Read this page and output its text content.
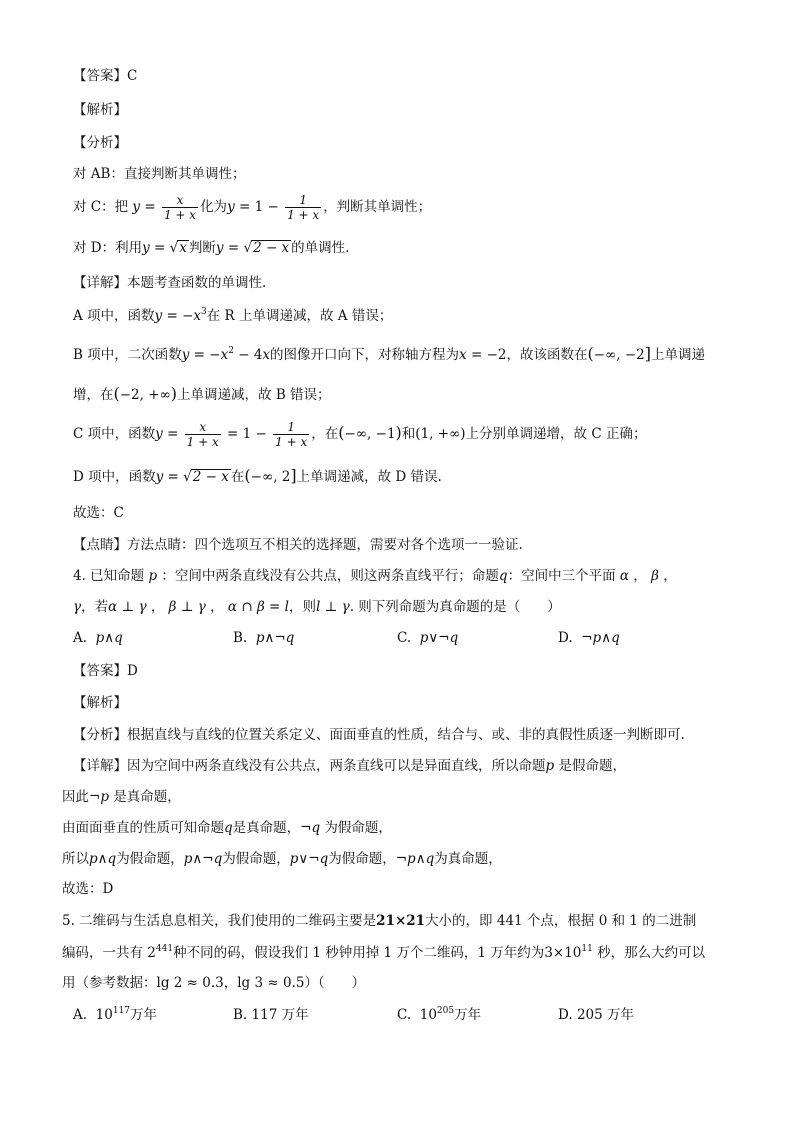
【答案】C
【解析】
【分析】
对 AB：直接判断其单调性；
对 C：把 $y = \frac{x}{1 + x}$ 化为$y = 1 - \frac{1}{1 + x}$ ，判断其单调性；
对 D：利用y = √x 判断y = √2 − x 的单调性.
【详解】本题考查函数的单调性.
A 项中，函数$y = -x^3$在 R 上单调递减，故 A 错误；
B 项中，二次函数$y = -x^2 - 4x$的图像开口向下，对称轴方程为x = −2，故该函数在(−∞, −2]上单调递
增，在(−2, +∞)上单调递减，故 B 错误；
C 项中，函数$y = \frac{x}{1 + x} = 1 - \frac{1}{1 + x}$ ，在(−∞, −1)和(1, +∞)上分别单调递增，故 C 正确；
D 项中，函数y = √2 − x 在(−∞, 2]上单调递减，故 D 错误.
故选：C
【点睛】方法点睛：四个选项互不相关的选择题，需要对各个选项一一验证.
4. 已知命题 p ：空间中两条直线没有公共点，则这两条直线平行；命题q：空间中三个平面 α ， β ，
γ，若α ⊥ γ ， β ⊥ γ ， α ∩ β = l，则l ⊥ γ. 则下列命题为真命题的是（　　）
A. p∧q	B. p∧¬q	C. p∨¬q	D. ¬p∧q
【答案】D
【解析】
【分析】根据直线与直线的位置关系定义、面面垂直的性质，结合与、或、非的真假性质逐一判断即可.
【详解】因为空间中两条直线没有公共点，两条直线可以是异面直线，所以命题p 是假命题，
因此¬p 是真命题，
由面面垂直的性质可知命题q是真命题，¬q 为假命题，
所以p∧q为假命题，p∧¬q为假命题，p∨¬q为假命题，¬p∧q为真命题，
故选：D
5. 二维码与生活息息相关，我们使用的二维码主要是21×21大小的，即 441 个点，根据 0 和 1 的二进制
编码，一共有 $2^{441}$种不同的码，假设我们 1 秒钟用掉 1 万个二维码，1 万年约为$3\times 10^{11}$ 秒，那么大约可以
用（参考数据：lg 2 ≈ 0.3，lg 3 ≈ 0.5）（　　）
A. $10^{117}$万年	B. 117 万年	C. $10^{205}$万年	D. 205 万年
